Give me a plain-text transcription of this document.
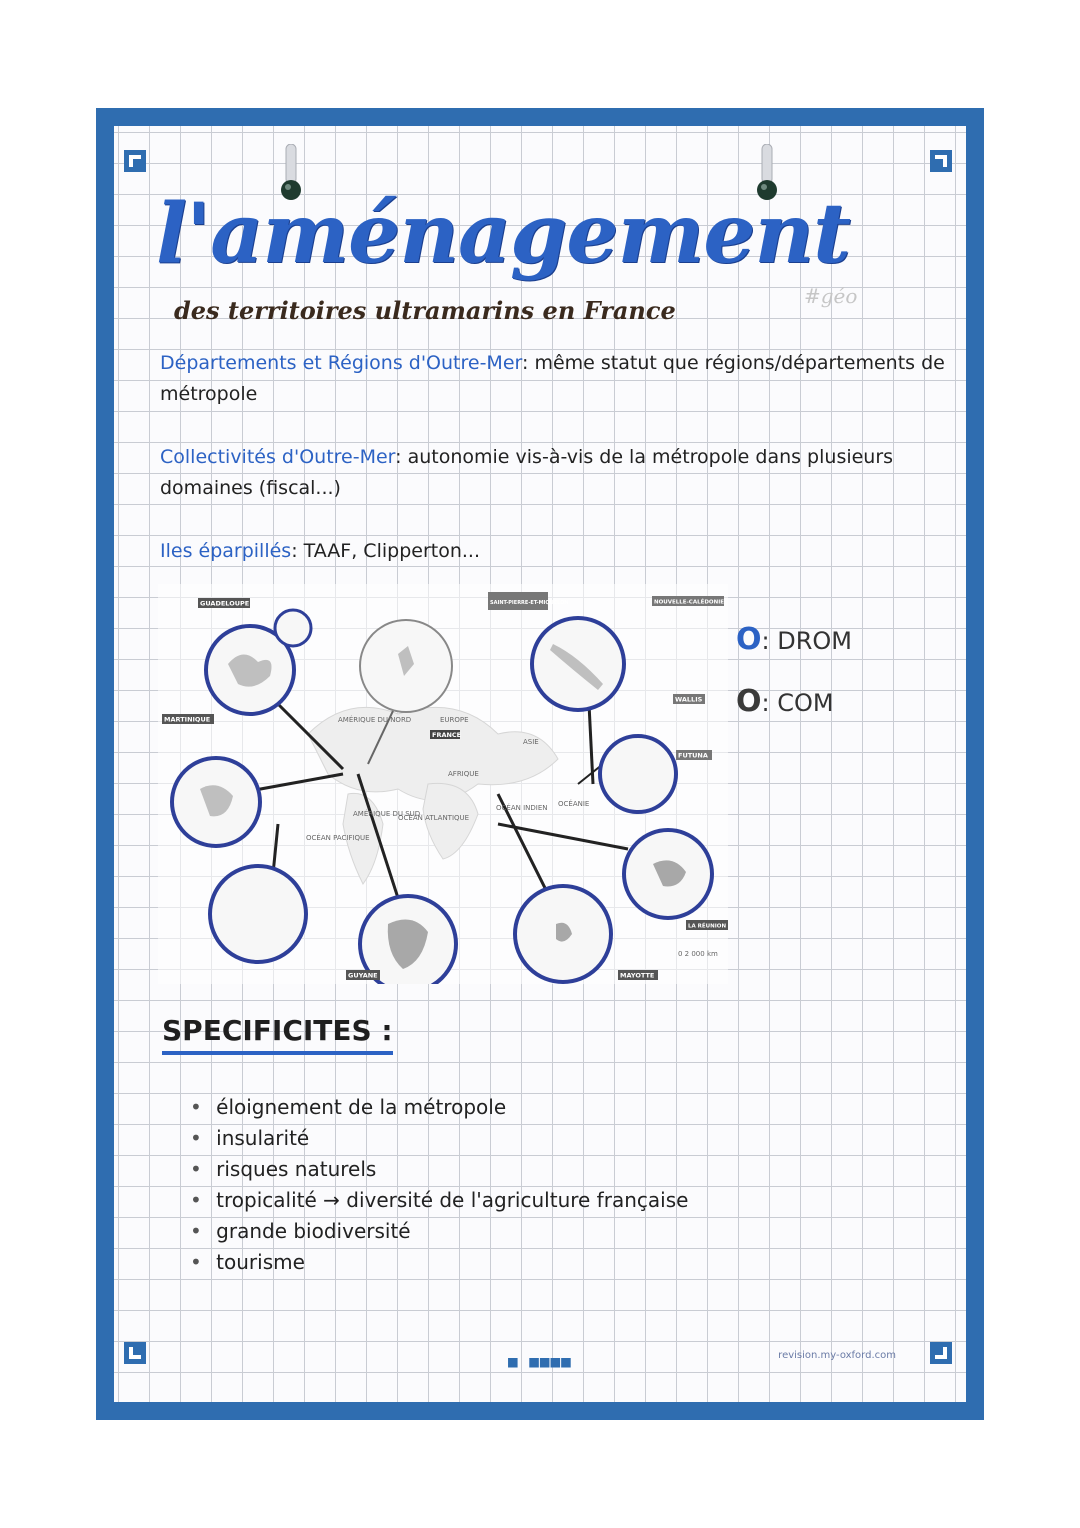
l'aménagement
des territoires ultramarins en France	#géo
Départements et Régions d'Outre-Mer: même statut que régions/départements de métropole
Collectivités d'Outre-Mer: autonomie vis-à-vis de la métropole dans plusieurs domaines (fiscal...)
Iles éparpillés: TAAF, Clipperton...
GUADELOUPE
MARTINIQUE
GUYANE
SAINT-PIERRE-ET-MIQUELON	NOUVELLE-CALÉDONIE
WALLIS
FUTUNA
LA RÉUNION
MAYOTTE
FRANCE
EUROPE
AFRIQUE
ASIE
AMÉRIQUE DU NORD
AMÉRIQUE DU SUD
OCÉANIE
OCÉAN ATLANTIQUE
OCÉAN PACIFIQUE
OCÉAN INDIEN
0 2 000 km
O: DROM
O: COM
SPECIFICITES :
• éloignement de la métropole
• insularité
• risques naturels
• tropicalité → diversité de l'agriculture française
• grande biodiversité
• tourisme
■ ■■■■	revision.my-oxford.com
